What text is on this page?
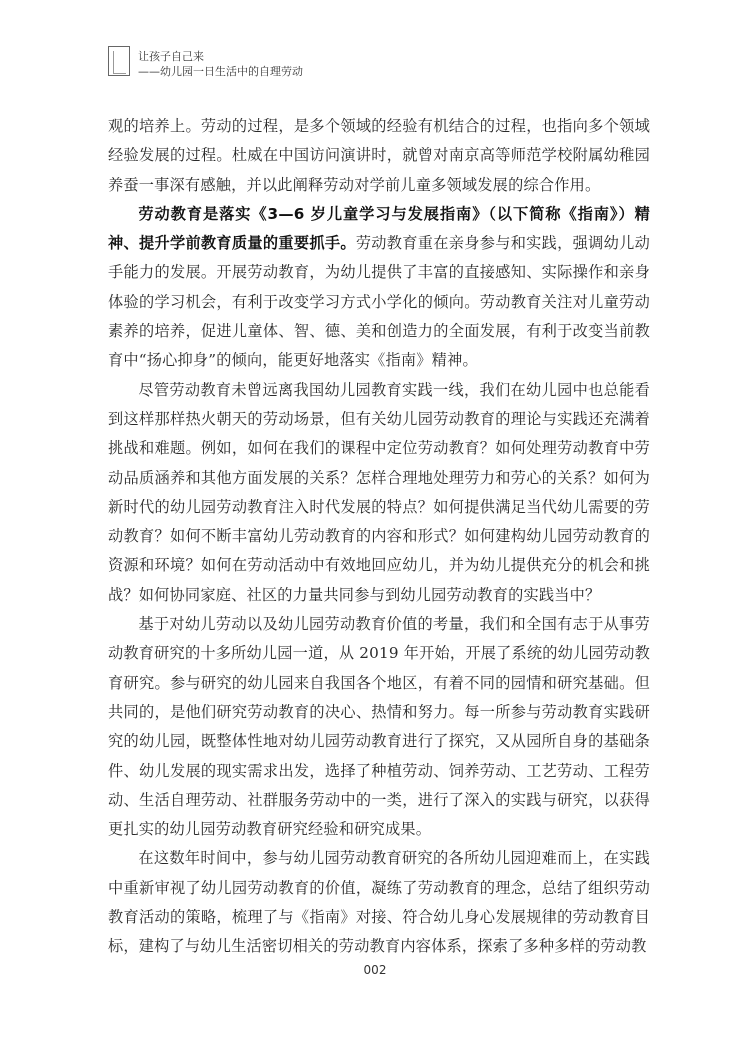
让孩子自己来
——幼儿园一日生活中的自理劳动

观的培养上。劳动的过程，是多个领域的经验有机结合的过程，也指向多个领域经验发展的过程。杜威在中国访问演讲时，就曾对南京高等师范学校附属幼稚园养蚕一事深有感触，并以此阐释劳动对学前儿童多领域发展的综合作用。

劳动教育是落实《3—6 岁儿童学习与发展指南》（以下简称《指南》）精神、提升学前教育质量的重要抓手。劳动教育重在亲身参与和实践，强调幼儿动手能力的发展。开展劳动教育，为幼儿提供了丰富的直接感知、实际操作和亲身体验的学习机会，有利于改变学习方式小学化的倾向。劳动教育关注对儿童劳动素养的培养，促进儿童体、智、德、美和创造力的全面发展，有利于改变当前教育中“扬心抑身”的倾向，能更好地落实《指南》精神。

尽管劳动教育未曾远离我国幼儿园教育实践一线，我们在幼儿园中也总能看到这样那样热火朝天的劳动场景，但有关幼儿园劳动教育的理论与实践还充满着挑战和难题。例如，如何在我们的课程中定位劳动教育？如何处理劳动教育中劳动品质涵养和其他方面发展的关系？怎样合理地处理劳力和劳心的关系？如何为新时代的幼儿园劳动教育注入时代发展的特点？如何提供满足当代幼儿需要的劳动教育？如何不断丰富幼儿劳动教育的内容和形式？如何建构幼儿园劳动教育的资源和环境？如何在劳动活动中有效地回应幼儿，并为幼儿提供充分的机会和挑战？如何协同家庭、社区的力量共同参与到幼儿园劳动教育的实践当中？

基于对幼儿劳动以及幼儿园劳动教育价值的考量，我们和全国有志于从事劳动教育研究的十多所幼儿园一道，从 2019 年开始，开展了系统的幼儿园劳动教育研究。参与研究的幼儿园来自我国各个地区，有着不同的园情和研究基础。但共同的，是他们研究劳动教育的决心、热情和努力。每一所参与劳动教育实践研究的幼儿园，既整体性地对幼儿园劳动教育进行了探究，又从园所自身的基础条件、幼儿发展的现实需求出发，选择了种植劳动、饲养劳动、工艺劳动、工程劳动、生活自理劳动、社群服务劳动中的一类，进行了深入的实践与研究，以获得更扎实的幼儿园劳动教育研究经验和研究成果。

在这数年时间中，参与幼儿园劳动教育研究的各所幼儿园迎难而上，在实践中重新审视了幼儿园劳动教育的价值，凝练了劳动教育的理念，总结了组织劳动教育活动的策略，梳理了与《指南》对接、符合幼儿身心发展规律的劳动教育目标，建构了与幼儿生活密切相关的劳动教育内容体系，探索了多种多样的劳动教

002
